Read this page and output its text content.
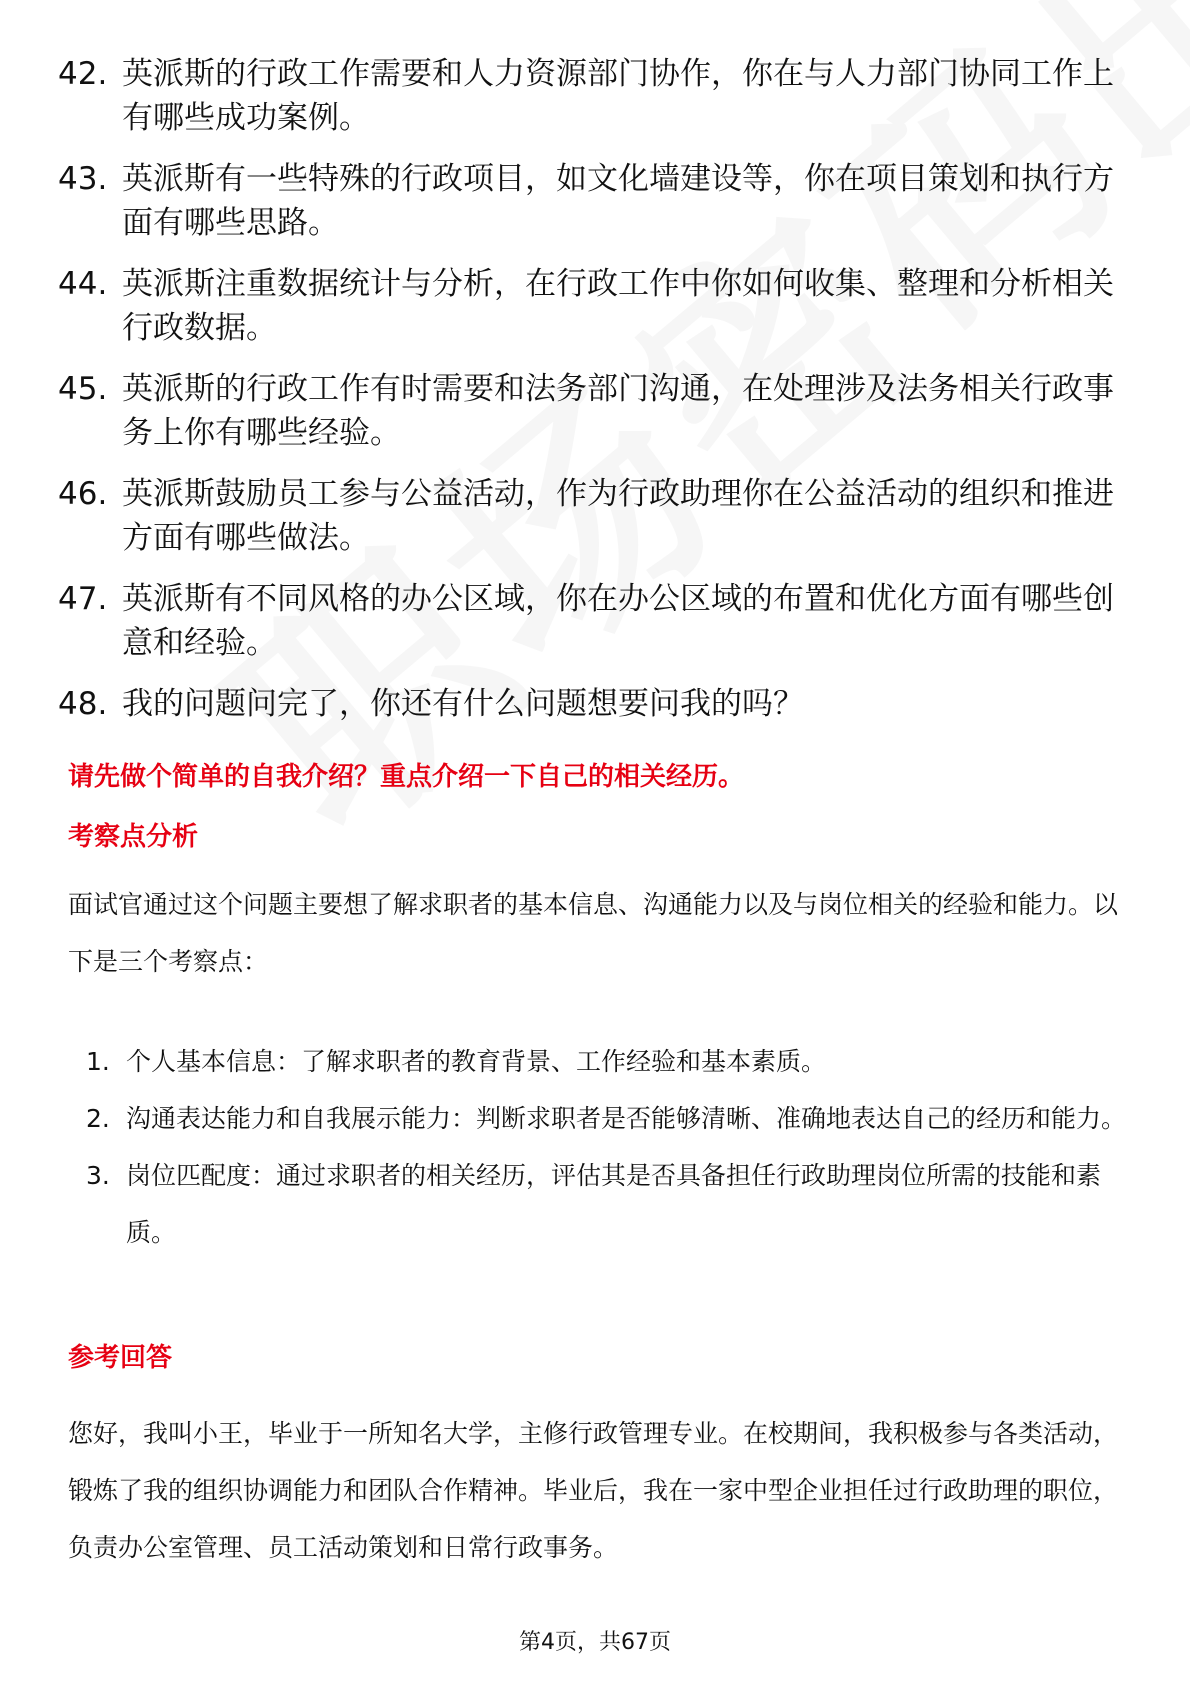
42. 英派斯的行政工作需要和人力资源部门协作，你在与人力部门协同工作上有哪些成功案例。
43. 英派斯有一些特殊的行政项目，如文化墙建设等，你在项目策划和执行方面有哪些思路。
44. 英派斯注重数据统计与分析，在行政工作中你如何收集、整理和分析相关行政数据。
45. 英派斯的行政工作有时需要和法务部门沟通，在处理涉及法务相关行政事务上你有哪些经验。
46. 英派斯鼓励员工参与公益活动，作为行政助理你在公益活动的组织和推进方面有哪些做法。
47. 英派斯有不同风格的办公区域，你在办公区域的布置和优化方面有哪些创意和经验。
48. 我的问题问完了，你还有什么问题想要问我的吗？
请先做个简单的自我介绍？重点介绍一下自己的相关经历。
考察点分析

面试官通过这个问题主要想了解求职者的基本信息、沟通能力以及与岗位相关的经验和能力。以下是三个考察点：

1. 个人基本信息：了解求职者的教育背景、工作经验和基本素质。
2. 沟通表达能力和自我展示能力：判断求职者是否能够清晰、准确地表达自己的经历和能力。
3. 岗位匹配度：通过求职者的相关经历，评估其是否具备担任行政助理岗位所需的技能和素质。
参考回答

您好，我叫小王，毕业于一所知名大学，主修行政管理专业。在校期间，我积极参与各类活动，锻炼了我的组织协调能力和团队合作精神。毕业后，我在一家中型企业担任过行政助理的职位，负责办公室管理、员工活动策划和日常行政事务。

第4页，共67页
